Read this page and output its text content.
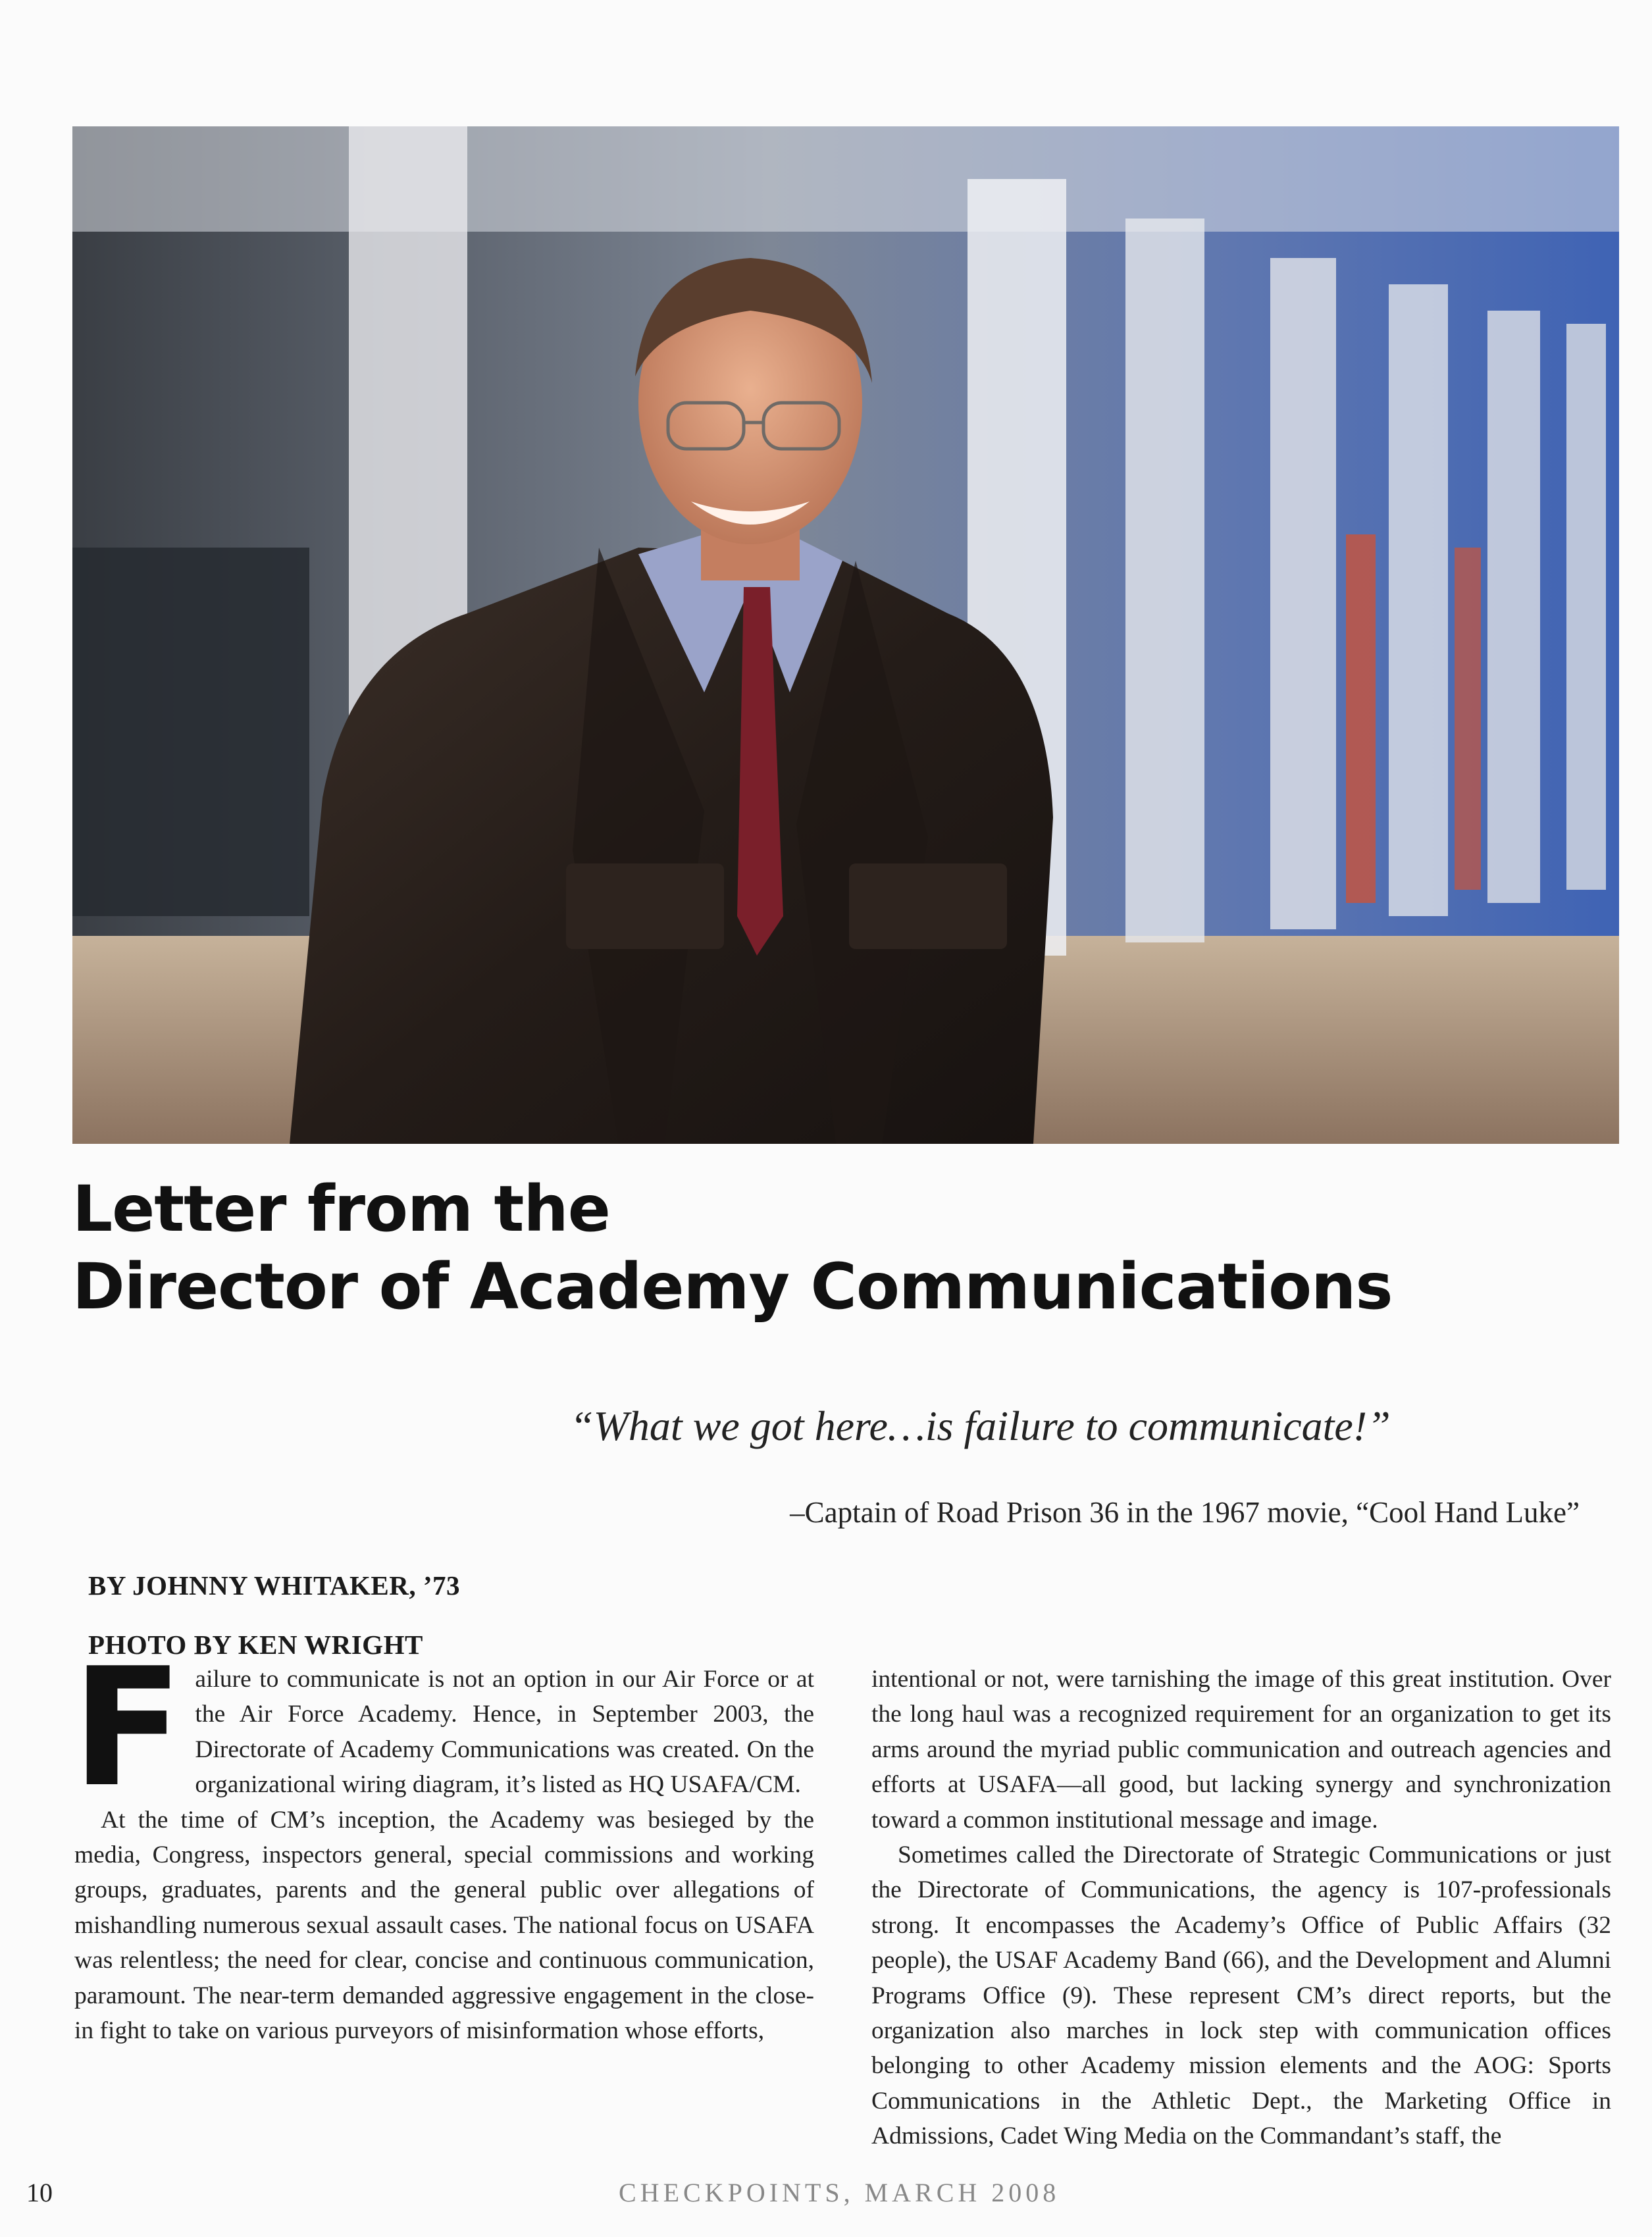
Letter from the
Director of Academy Communications
“What we got here…is failure to communicate!”
–Captain of Road Prison 36 in the 1967 movie, “Cool Hand Luke”
BY JOHNNY WHITAKER, ’73
PHOTO BY KEN WRIGHT

F ailure to communicate is not an option in our Air Force or at the Air Force Academy. Hence, in September 2003, the Directorate of Academy Communications was created. On the organizational wiring diagram, it’s listed as HQ USAFA/CM.

At the time of CM’s inception, the Academy was besieged by the media, Congress, inspectors general, special commissions and working groups, graduates, parents and the general public over allegations of mishandling numerous sexual assault cases. The national focus on USAFA was relentless; the need for clear, concise and continuous communication, paramount. The near-term demanded aggressive engagement in the close-in fight to take on various purveyors of misinformation whose efforts,

intentional or not, were tarnishing the image of this great institution. Over the long haul was a recognized requirement for an organization to get its arms around the myriad public communication and outreach agencies and efforts at USAFA—all good, but lacking synergy and synchronization toward a common institutional message and image.

Sometimes called the Directorate of Strategic Communications or just the Directorate of Communications, the agency is 107-professionals strong. It encompasses the Academy’s Office of Public Affairs (32 people), the USAF Academy Band (66), and the Development and Alumni Programs Office (9). These represent CM’s direct reports, but the organization also marches in lock step with communication offices belonging to other Academy mission elements and the AOG: Sports Communications in the Athletic Dept., the Marketing Office in Admissions, Cadet Wing Media on the Commandant’s staff, the

10	CHECKPOINTS, MARCH 2008
